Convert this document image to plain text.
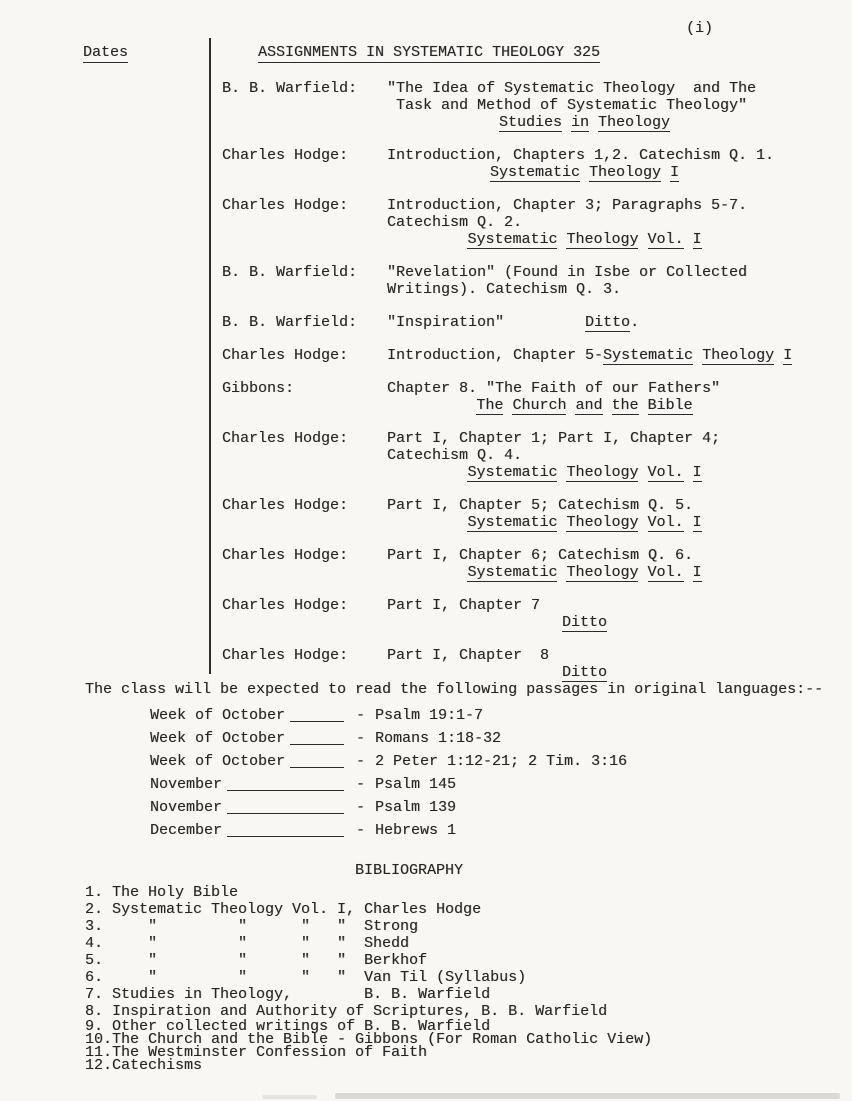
(i)
Dates	ASSIGNMENTS IN SYSTEMATIC THEOLOGY 325
B. B. Warfield:	"The Idea of Systematic Theology  and The
Task and Method of Systematic Theology"
Studies in Theology
Charles Hodge:	Introduction, Chapters 1,2. Catechism Q. 1.
Systematic Theology I
Charles Hodge:	Introduction, Chapter 3; Paragraphs 5-7.
Catechism Q. 2.
Systematic Theology Vol. I
B. B. Warfield:	"Revelation" (Found in Isbe or Collected
Writings). Catechism Q. 3.
B. B. Warfield:	"Inspiration"         Ditto.
Charles Hodge:	Introduction, Chapter 5-Systematic Theology I
Gibbons:	Chapter 8. "The Faith of our Fathers"
The Church and the Bible
Charles Hodge:	Part I, Chapter 1; Part I, Chapter 4;
Catechism Q. 4.
Systematic Theology Vol. I
Charles Hodge:	Part I, Chapter 5; Catechism Q. 5.
Systematic Theology Vol. I
Charles Hodge:	Part I, Chapter 6; Catechism Q. 6.
Systematic Theology Vol. I
Charles Hodge:	Part I, Chapter 7
Ditto
Charles Hodge:	Part I, Chapter  8
Ditto
The class will be expected to read the following passages in original languages:--
Week of October	- Psalm 19:1-7
Week of October	- Romans 1:18-32
Week of October	- 2 Peter 1:12-21; 2 Tim. 3:16
November	- Psalm 145
November	- Psalm 139
December	- Hebrews 1
BIBLIOGRAPHY
1. The Holy Bible
2. Systematic Theology Vol. I, Charles Hodge
3.     "         "      "   "  Strong
4.     "         "      "   "  Shedd
5.     "         "      "   "  Berkhof
6.     "         "      "   "  Van Til (Syllabus)
7. Studies in Theology,        B. B. Warfield
8. Inspiration and Authority of Scriptures, B. B. Warfield
9. Other collected writings of B. B. Warfield
10.The Church and the Bible - Gibbons (For Roman Catholic View)
11.The Westminster Confession of Faith
12.Catechisms
